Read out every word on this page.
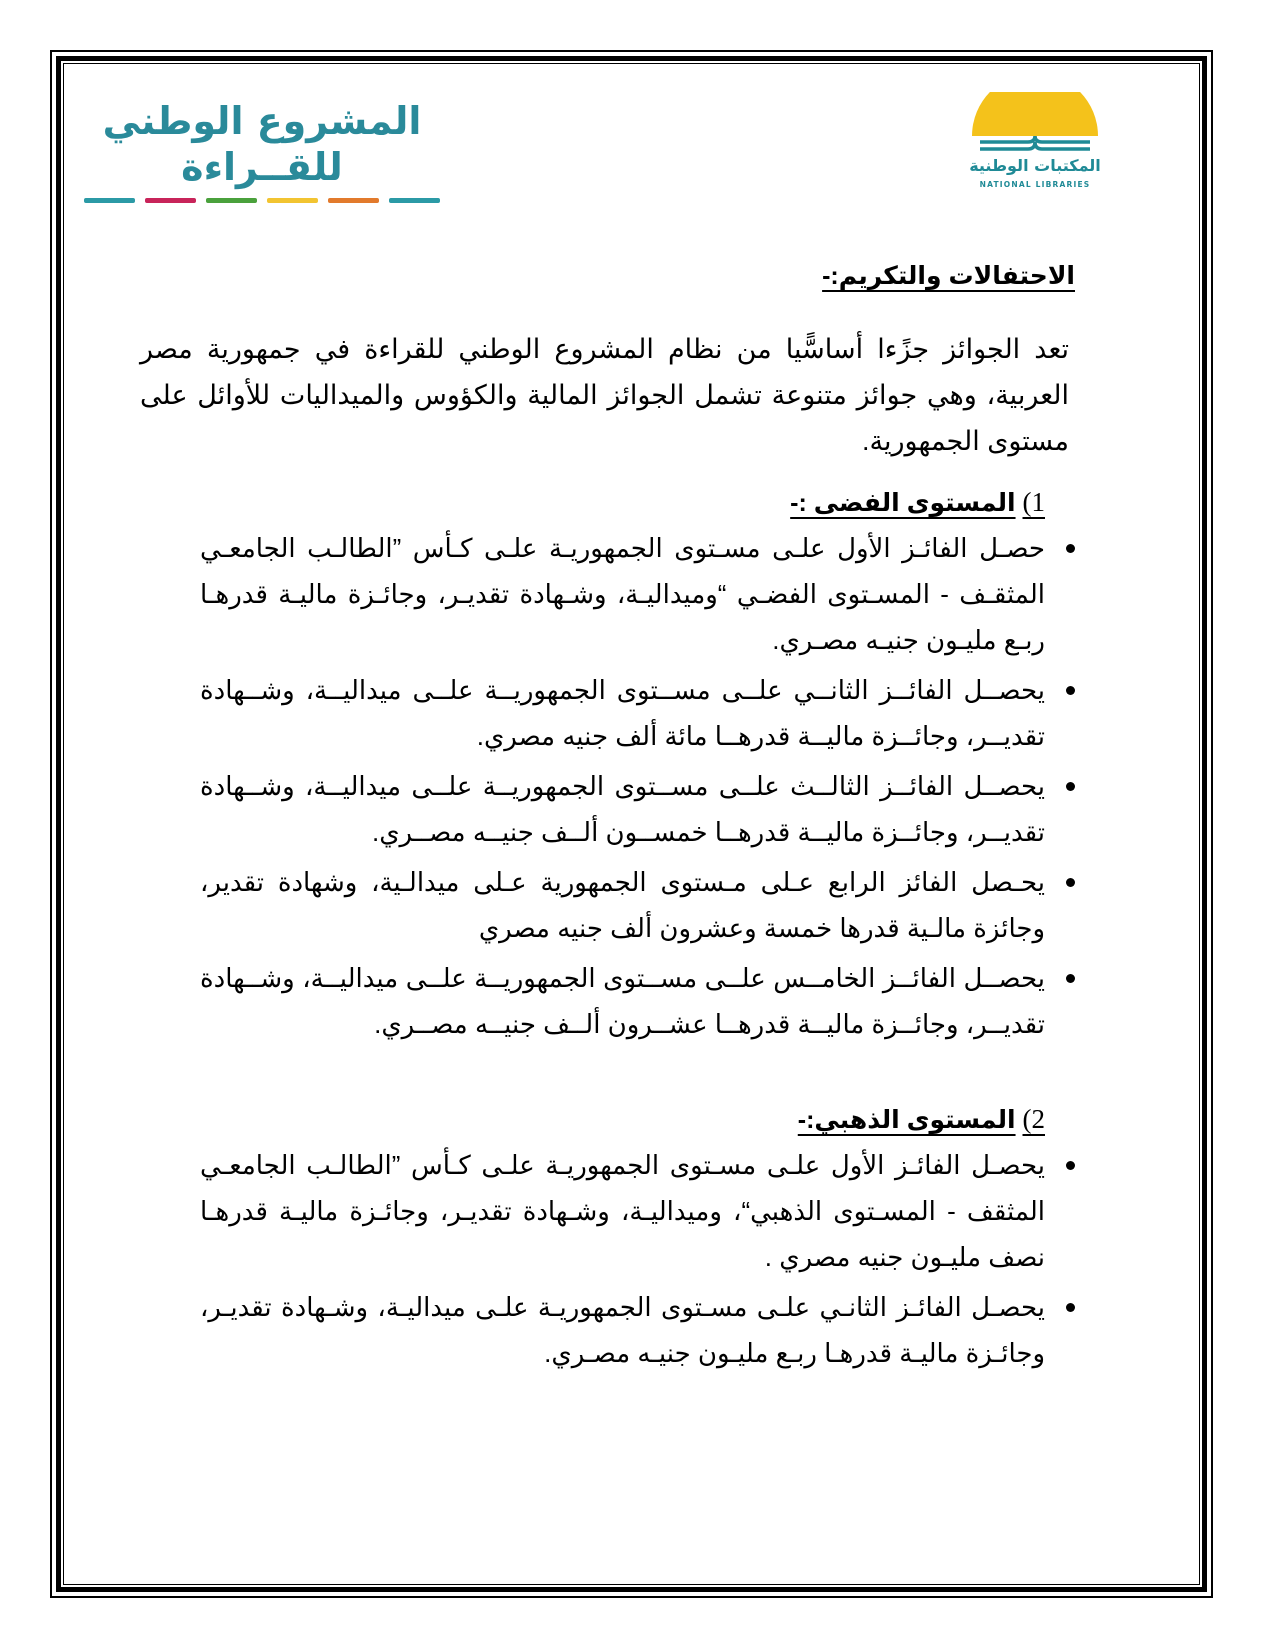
المشروع الوطني للقــراءة	المكتبات الوطنية
NATIONAL LIBRARIES
الاحتفالات والتكريم:-
تعد الجوائز جزًءا أساسًّيا من نظام المشروع الوطني للقراءة في جمهورية مصر العربية، وهي جوائز متنوعة تشمل الجوائز المالية والكؤوس والميداليات للأوائل على مستوى الجمهورية.
1) المستوى الفضى :-
حصـل الفائـز الأول علـى مسـتوى الجمهوريـة علـى كـأس ”الطالـب الجامعـي المثقـف - المسـتوى الفضـي “وميداليـة، وشـهادة تقديـر، وجائـزة ماليـة قدرهـا ربـع مليـون جنيـه مصـري.
يحصــل الفائــز الثانــي علــى مســتوى الجمهوريــة علــى ميداليــة، وشــهادة تقديــر، وجائــزة ماليــة قدرهــا مائة ألف جنيه مصري.
يحصــل الفائــز الثالــث علــى مســتوى الجمهوريــة علــى ميداليــة، وشــهادة تقديــر، وجائــزة ماليــة قدرهــا خمســون ألــف جنيــه مصــري.
يحـصل الفائز الرابع عـلى مـستوى الجمهورية عـلى ميدالـية، وشهادة تقدير، وجائزة مالـية قدرها خمسة وعشرون ألف جنيه مصري
يحصــل الفائــز الخامــس علــى مســتوى الجمهوريــة علــى ميداليــة، وشــهادة تقديــر، وجائــزة ماليــة قدرهــا عشــرون ألــف جنيــه مصــري.
2) المستوى الذهبي:-
يحصـل الفائـز الأول علـى مسـتوى الجمهوريـة علـى كـأس ”الطالـب الجامعـي المثقف - المسـتوى الذهبي“، وميداليـة، وشـهادة تقديـر، وجائـزة ماليـة قدرهـا نصف مليـون جنيه مصري .
يحصـل الفائـز الثانـي علـى مسـتوى الجمهوريـة علـى ميداليـة، وشـهادة تقديـر، وجائـزة ماليـة قدرهـا ربـع مليـون جنيـه مصـري.
